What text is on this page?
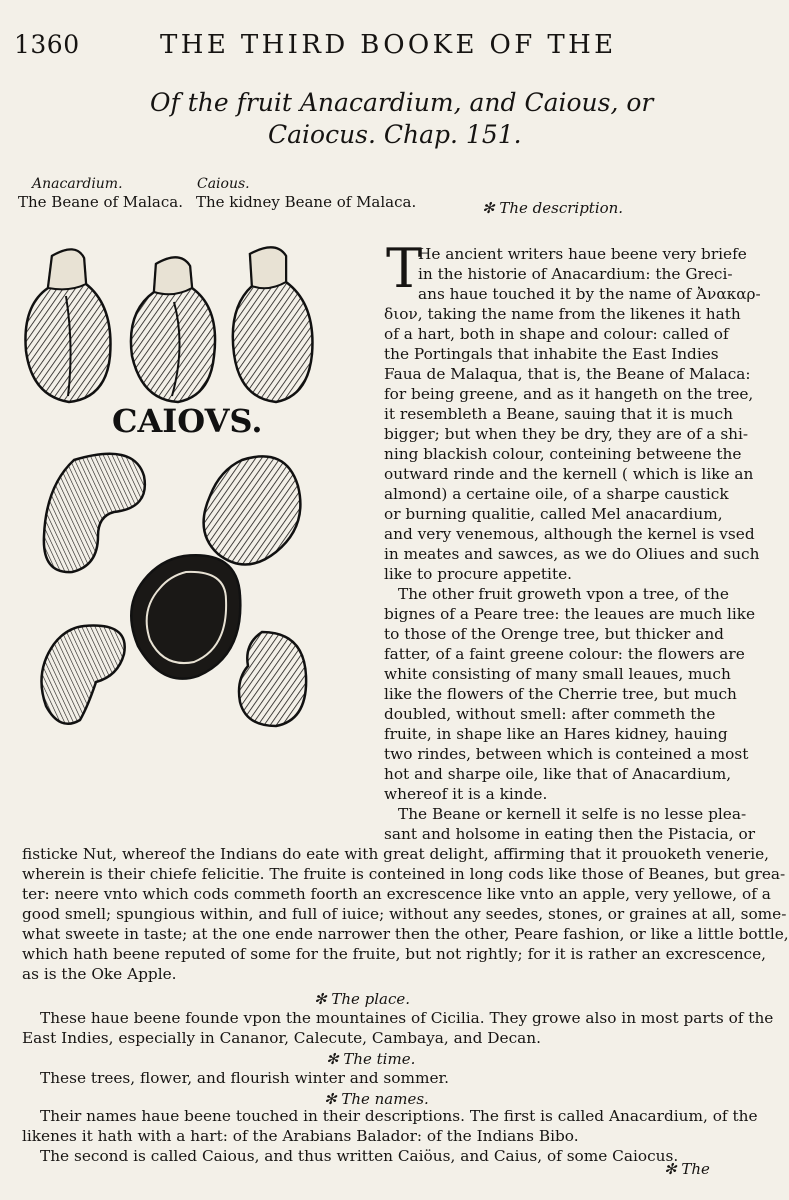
1360	THE THIRD BOOKE OF THE
Of the fruit Anacardium, and Caious, or
Caiocus. Chap. 151.
Anacardium.
The Beane of Malaca.
Caious.
The kidney Beane of Malaca.
CAIOVS.
✻ The description.
T
He ancient writers haue beene very briefe
in the historie of Anacardium: the Greci-
ans haue touched it by the name of Ἀνακαρ-
διον, taking the name from the likenes it hath
of a hart, both in shape and colour: called of
the Portingals that inhabite the East Indies
Faua de Malaqua, that is, the Beane of Malaca:
for being greene, and as it hangeth on the tree,
it resembleth a Beane, sauing that it is much
bigger; but when they be dry, they are of a shi-
ning blackish colour, conteining betweene the
outward rinde and the kernell ( which is like an
almond) a certaine oile, of a sharpe caustick
or burning qualitie, called Mel anacardium,
and very venemous, although the kernel is vsed
in meates and sawces, as we do Oliues and such
like to procure appetite.
The other fruit groweth vpon a tree, of the
bignes of a Peare tree: the leaues are much like
to those of the Orenge tree, but thicker and
fatter, of a faint greene colour: the flowers are
white consisting of many small leaues, much
like the flowers of the Cherrie tree, but much
doubled, without smell: after commeth the
fruite, in shape like an Hares kidney, hauing
two rindes, between which is conteined a most
hot and sharpe oile, like that of Anacardium,
whereof it is a kinde.
The Beane or kernell it selfe is no lesse plea-
sant and holsome in eating then the Pistacia, or
fisticke Nut, whereof the Indians do eate with great delight, affirming that it prouoketh venerie,
wherein is their chiefe felicitie. The fruite is conteined in long cods like those of Beanes, but grea-
ter: neere vnto which cods commeth foorth an excrescence like vnto an apple, very yellowe, of a
good smell; spungious within, and full of iuice; without any seedes, stones, or graines at all, some-
what sweete in taste; at the one ende narrower then the other, Peare fashion, or like a little bottle,
which hath beene reputed of some for the fruite, but not rightly; for it is rather an excrescence,
as is the Oke Apple.
✻ The place.
These haue beene founde vpon the mountaines of Cicilia. They growe also in most parts of the
East Indies, especially in Cananor, Calecute, Cambaya, and Decan.
✻ The time.
These trees, flower, and flourish winter and sommer.
✻ The names.
Their names haue beene touched in their descriptions. The first is called Anacardium, of the
likenes it hath with a hart: of the Arabians Balador: of the Indians Bibo.
The second is called Caious, and thus written Caiöus, and Caius, of some Caiocus.
✻ The
